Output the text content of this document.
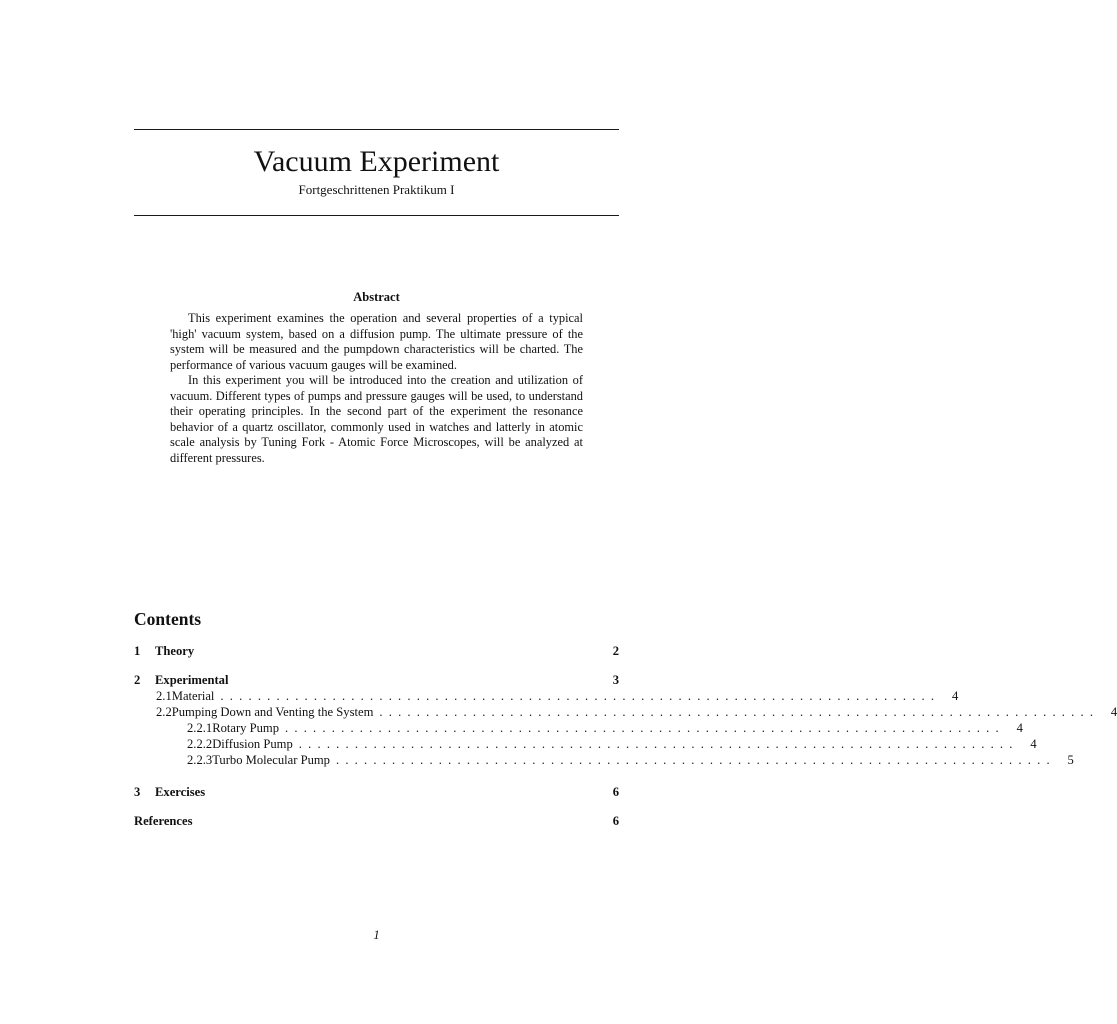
Vacuum Experiment
Fortgeschrittenen Praktikum I
Abstract

This experiment examines the operation and several properties of a typical 'high' vacuum system, based on a diffusion pump. The ultimate pressure of the system will be measured and the pumpdown characteristics will be charted. The performance of various vacuum gauges will be examined.

In this experiment you will be introduced into the creation and utilization of vacuum. Different types of pumps and pressure gauges will be used, to understand their operating principles. In the second part of the experiment the resonance behavior of a quartz oscillator, commonly used in watches and latterly in atomic scale analysis by Tuning Fork - Atomic Force Microscopes, will be analyzed at different pressures.

Contents
1	Theory	2
2	Experimental	3
2.1 Material ............................................................................. 4
2.2 Pumping Down and Venting the System ............................................................................. 4
2.2.1 Rotary Pump ............................................................................. 4
2.2.2 Diffusion Pump ............................................................................. 4
2.2.3 Turbo Molecular Pump ............................................................................. 5
3	Exercises	6
References	6
1
